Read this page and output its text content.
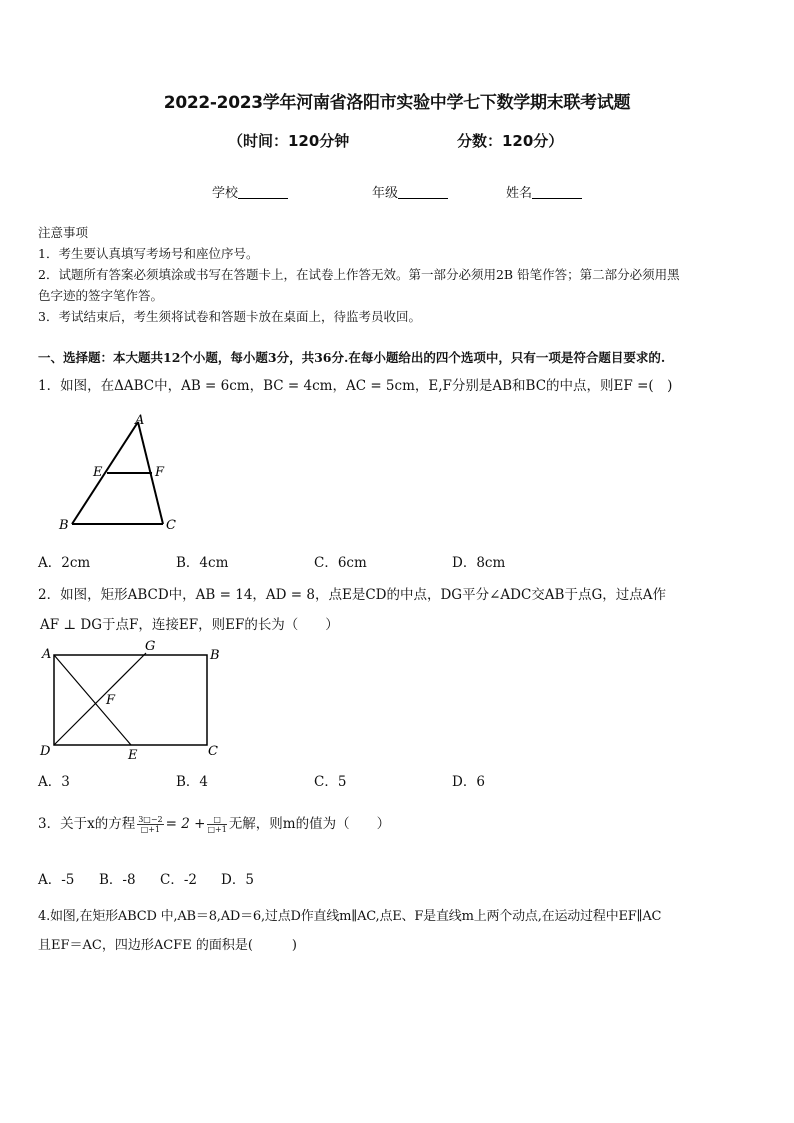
2022-2023学年河南省洛阳市实验中学七下数学期末联考试题
（时间：120分钟	分数：120分）
学校	年级	姓名

注意事项

1．考生要认真填写考场号和座位序号。

2．试题所有答案必须填涂或书写在答题卡上，在试卷上作答无效。第一部分必须用2B 铅笔作答；第二部分必须用黑

色字迹的签字笔作答。

3．考试结束后，考生须将试卷和答题卡放在桌面上，待监考员收回。

一、选择题：本大题共12个小题，每小题3分，共36分.在每小题给出的四个选项中，只有一项是符合题目要求的.
1．如图，在ΔABC中，AB = 6cm，BC = 4cm，AC = 5cm，E,F分别是AB和BC的中点，则EF =(　)
A
E	F
B	C
A．2cm	B．4cm	C．6cm	D．8cm
2．如图，矩形ABCD中，AB = 14，AD = 8，点E是CD的中点，DG平分∠ADC交AB于点G，过点A作
AF ⊥ DG于点F，连接EF，则EF的长为（　　）
A
G
B
F
D	E	C
A．3	B．4	C．5	D．6
3．关于x的方程 $\frac{3□-2}{□+1} = 2 + \frac{□}{□+1}$ 无解，则m的值为（　　）
A．-5 B．-8 C．-2 D．5
4.如图,在矩形ABCD 中,AB＝8,AD＝6,过点D作直线m∥AC,点E、F是直线m上两个动点,在运动过程中EF∥AC
且EF＝AC，四边形ACFE 的面积是(　　　)
